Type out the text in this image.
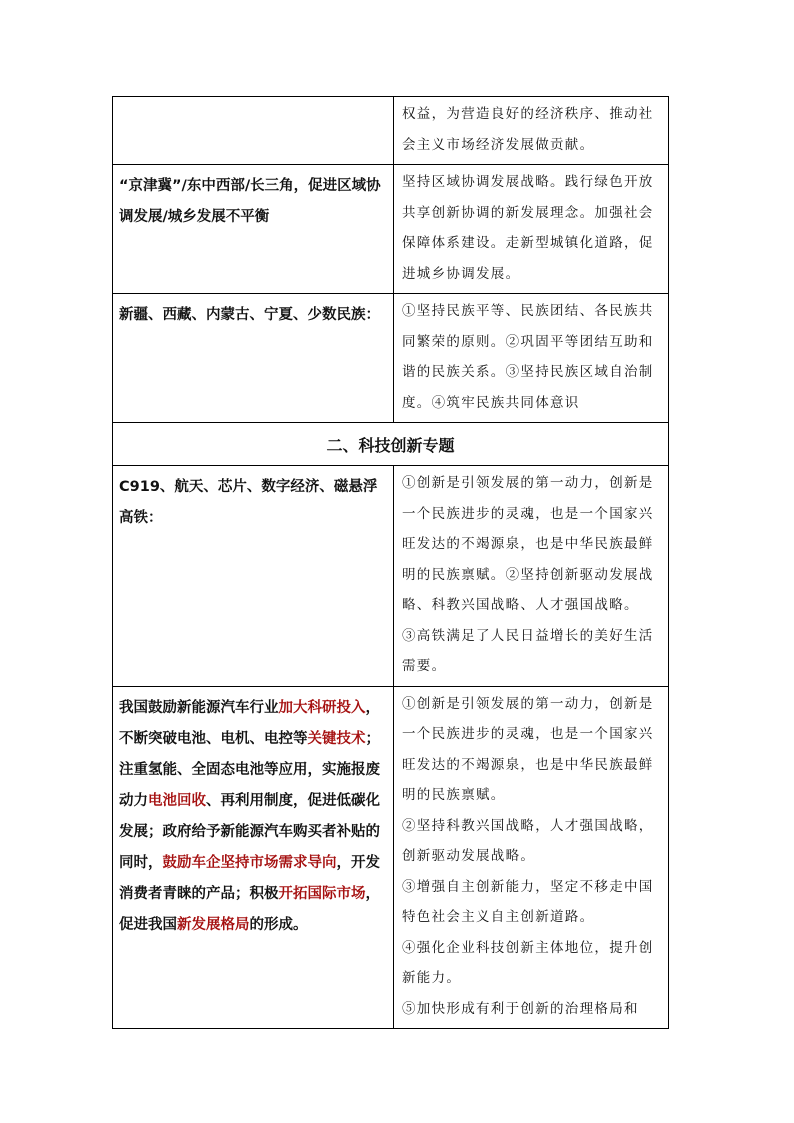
	权益，为营造良好的经济秩序、推动社会主义市场经济发展做贡献。

“京津冀”/东中西部/长三角，促进区域协调发展/城乡发展不平衡	坚持区域协调发展战略。践行绿色开放共享创新协调的新发展理念。加强社会保障体系建设。走新型城镇化道路，促进城乡协调发展。

新疆、西藏、内蒙古、宁夏、少数民族：	①坚持民族平等、民族团结、各民族共同繁荣的原则。②巩固平等团结互助和谐的民族关系。③坚持民族区域自治制度。④筑牢民族共同体意识

二、科技创新专题	
C919、航天、芯片、数字经济、磁悬浮高铁：	①创新是引领发展的第一动力，创新是一个民族进步的灵魂，也是一个国家兴旺发达的不竭源泉，也是中华民族最鲜明的民族禀赋。②坚持创新驱动发展战略、科教兴国战略、人才强国战略。
③高铁满足了人民日益增长的美好生活需要。

我国鼓励新能源汽车行业加大科研投入，不断突破电池、电机、电控等关键技术；注重氢能、全固态电池等应用，实施报废动力电池回收、再利用制度，促进低碳化发展；政府给予新能源汽车购买者补贴的同时，鼓励车企坚持市场需求导向，开发消费者青睐的产品；积极开拓国际市场，促进我国新发展格局的形成。	①创新是引领发展的第一动力，创新是一个民族进步的灵魂，也是一个国家兴旺发达的不竭源泉，也是中华民族最鲜明的民族禀赋。
②坚持科教兴国战略，人才强国战略，创新驱动发展战略。
③增强自主创新能力，坚定不移走中国特色社会主义自主创新道路。
④强化企业科技创新主体地位，提升创新能力。
⑤加快形成有利于创新的治理格局和
